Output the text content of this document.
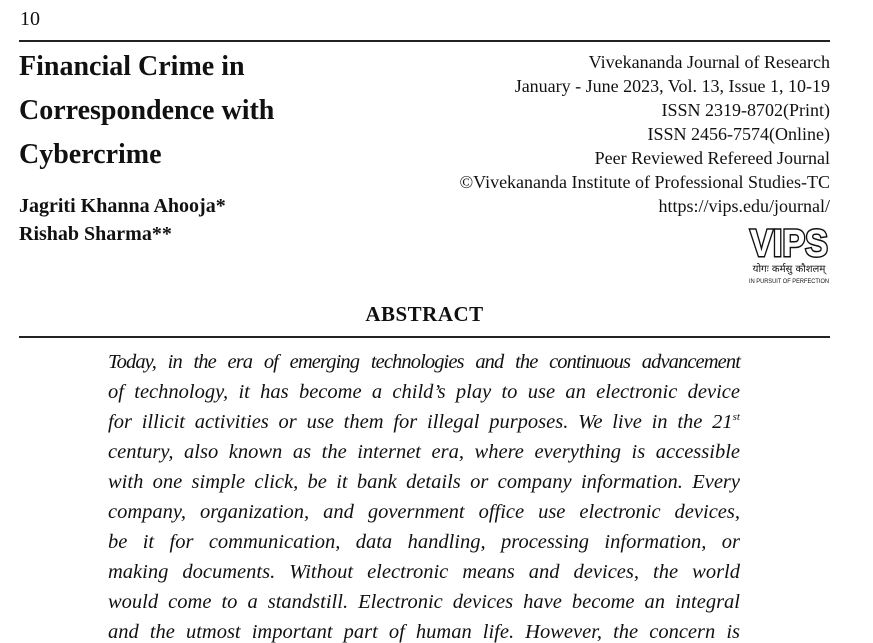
10
Financial Crime in
Correspondence with
Cybercrime
Jagriti Khanna Ahooja*
Rishab Sharma**
Vivekananda Journal of Research
January - June 2023, Vol. 13, Issue 1, 10-19
ISSN 2319-8702(Print)
ISSN 2456-7574(Online)
Peer Reviewed Refereed Journal
©Vivekananda Institute of Professional Studies-TC
https://vips.edu/journal/
VIPS
योगः कर्मसु कौशलम्
IN PURSUIT OF PERFECTION
ABSTRACT
Today, in the era of emerging technologies and the continuous advancement
of technology, it has become a child’s play to use an electronic device
for illicit activities or use them for illegal purposes. We live in the 21st
century, also known as the internet era, where everything is accessible
with one simple click, be it bank details or company information. Every
company, organization, and government office use electronic devices,
be it for communication, data handling, processing information, or
making documents. Without electronic means and devices, the world
would come to a standstill. Electronic devices have become an integral
and the utmost important part of human life. However, the concern is
